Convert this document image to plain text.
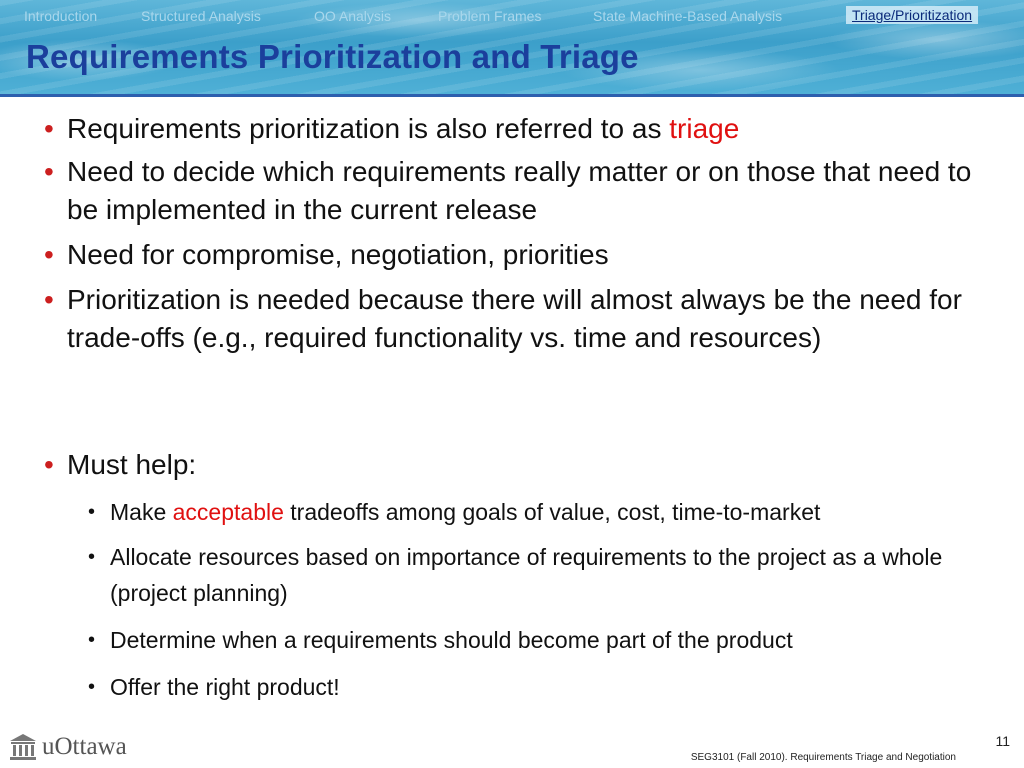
Introduction	Structured Analysis	OO Analysis	Problem Frames	State Machine-Based Analysis	Triage/Prioritization
Requirements Prioritization and Triage
• Requirements prioritization is also referred to as triage
• Need to decide which requirements really matter or on those that need to be implemented in the current release
• Need for compromise, negotiation, priorities
• Prioritization is needed because there will almost always be the need for trade-offs (e.g., required functionality vs. time and resources)
• Must help:
• Make acceptable tradeoffs among goals of value, cost, time-to-market
• Allocate resources based on importance of requirements to the project as a whole (project planning)
• Determine when a requirements should become part of the product
• Offer the right product!
uOttawa	11
SEG3101 (Fall 2010). Requirements Triage and Negotiation
